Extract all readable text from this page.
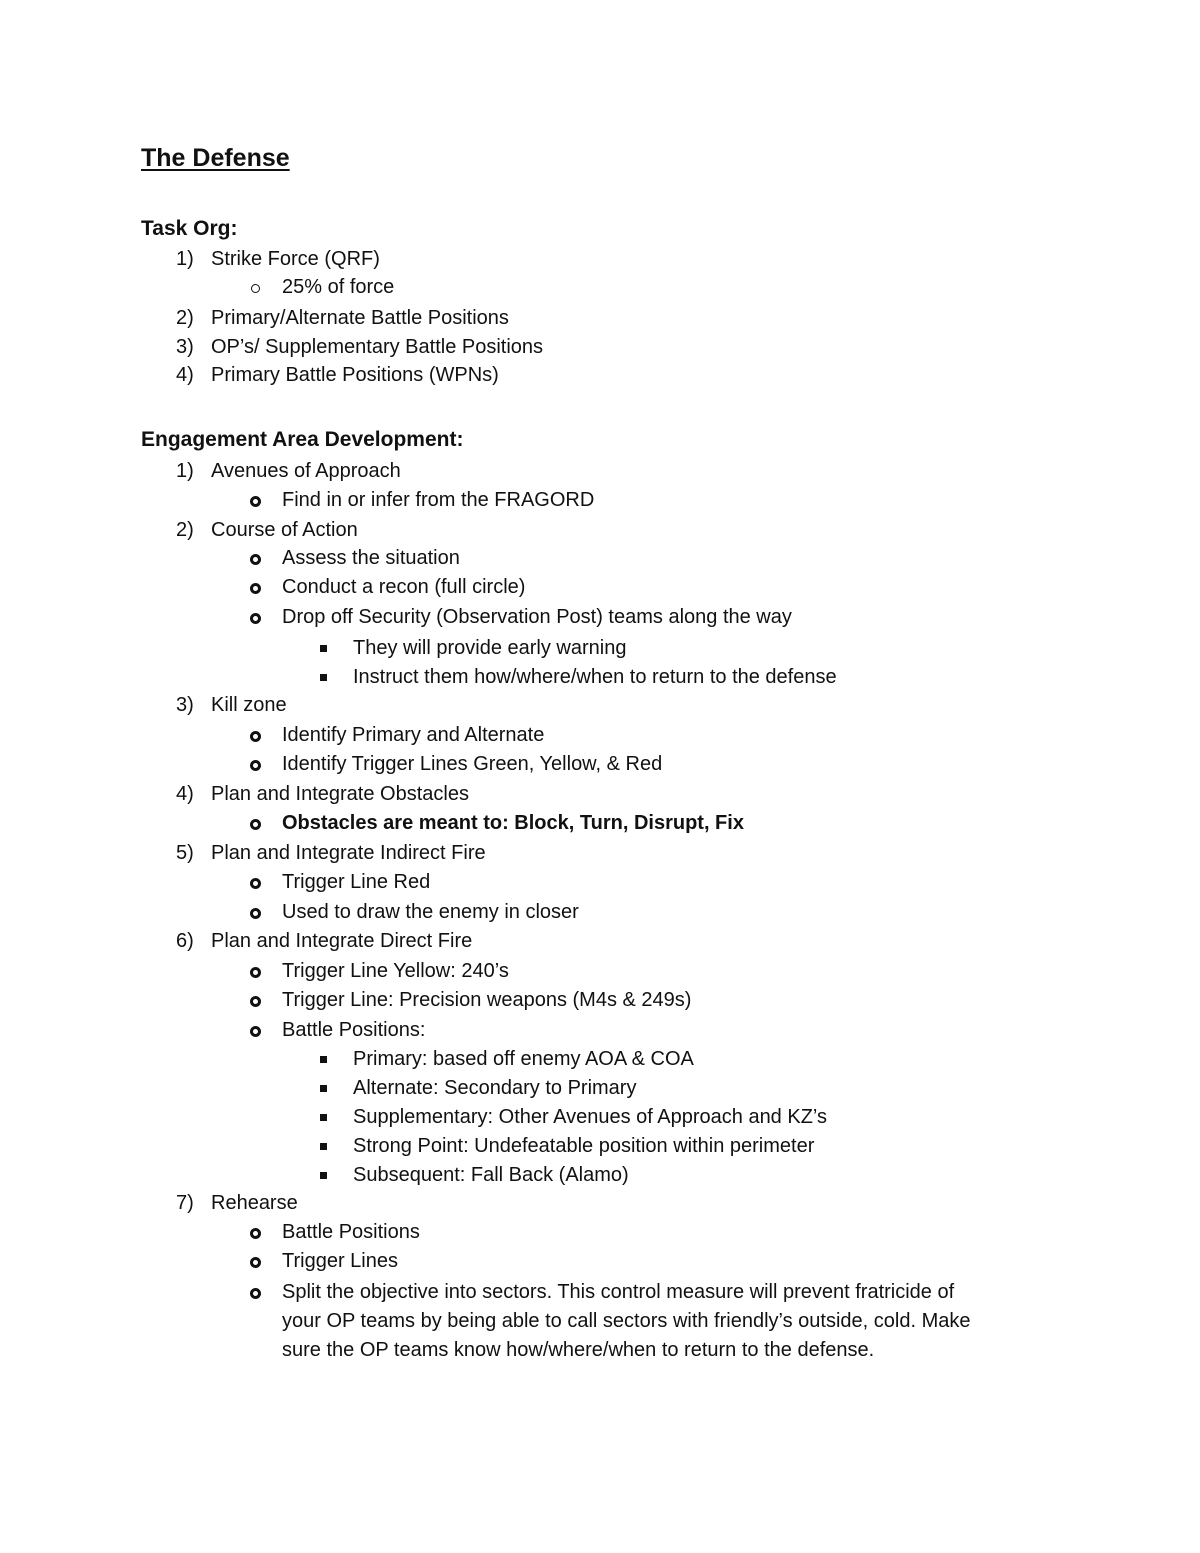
The Defense
Task Org:
1) Strike Force (QRF)
25% of force
2) Primary/Alternate Battle Positions
3) OP’s/ Supplementary Battle Positions
4) Primary Battle Positions (WPNs)
Engagement Area Development:
1) Avenues of Approach
Find in or infer from the FRAGORD
2) Course of Action
Assess the situation
Conduct a recon (full circle)
Drop off Security (Observation Post) teams along the way
They will provide early warning
Instruct them how/where/when to return to the defense
3) Kill zone
Identify Primary and Alternate
Identify Trigger Lines Green, Yellow, & Red
4) Plan and Integrate Obstacles
Obstacles are meant to: Block, Turn, Disrupt, Fix
5) Plan and Integrate Indirect Fire
Trigger Line Red
Used to draw the enemy in closer
6) Plan and Integrate Direct Fire
Trigger Line Yellow: 240’s
Trigger Line: Precision weapons (M4s & 249s)
Battle Positions:
Primary: based off enemy AOA & COA
Alternate: Secondary to Primary
Supplementary: Other Avenues of Approach and KZ’s
Strong Point: Undefeatable position within perimeter
Subsequent: Fall Back (Alamo)
7) Rehearse
Battle Positions
Trigger Lines
Split the objective into sectors. This control measure will prevent fratricide of
your OP teams by being able to call sectors with friendly’s outside, cold. Make
sure the OP teams know how/where/when to return to the defense.
